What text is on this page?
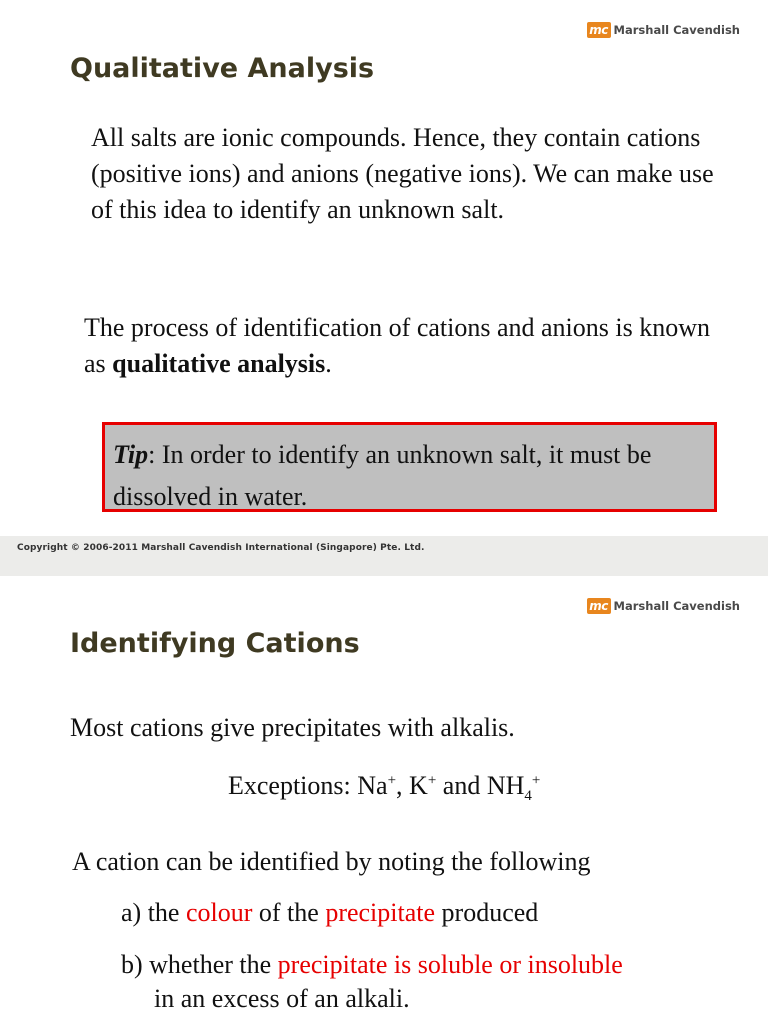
mc Marshall Cavendish
Qualitative Analysis

All salts are ionic compounds. Hence, they contain cations (positive ions) and anions (negative ions). We can make use of this idea to identify an unknown salt.

The process of identification of cations and anions is known as qualitative analysis.

Tip: In order to identify an unknown salt, it must be dissolved in water.
Copyright © 2006-2011 Marshall Cavendish International (Singapore) Pte. Ltd.
mc Marshall Cavendish
Identifying Cations

Most cations give precipitates with alkalis.

Exceptions: Na+, K+ and $NH_4^+$

A cation can be identified by noting the following

a) the colour of the precipitate produced

b) whether the precipitate is soluble or insoluble

in an excess of an alkali.
